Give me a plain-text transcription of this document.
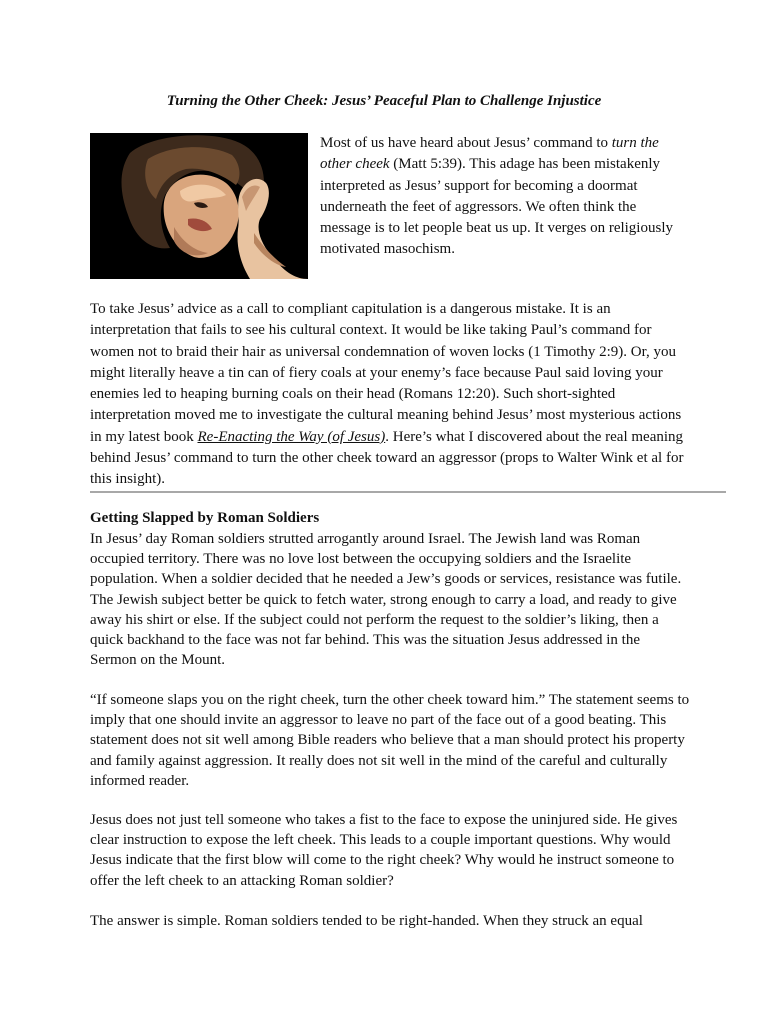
Turning the Other Cheek: Jesus’ Peaceful Plan to Challenge Injustice
Most of us have heard about Jesus’ command to turn the other cheek (Matt 5:39). This adage has been mistakenly interpreted as Jesus’ support for becoming a doormat underneath the feet of aggressors. We often think the message is to let people beat us up. It verges on religiously motivated masochism.
To take Jesus’ advice as a call to compliant capitulation is a dangerous mistake. It is an interpretation that fails to see his cultural context. It would be like taking Paul’s command for women not to braid their hair as universal condemnation of woven locks (1 Timothy 2:9). Or, you might literally heave a tin can of fiery coals at your enemy’s face because Paul said loving your enemies led to heaping burning coals on their head (Romans 12:20). Such short-sighted interpretation moved me to investigate the cultural meaning behind Jesus’ most mysterious actions in my latest book Re-Enacting the Way (of Jesus). Here’s what I discovered about the real meaning behind Jesus’ command to turn the other cheek toward an aggressor (props to Walter Wink et al for this insight).
Getting Slapped by Roman Soldiers
In Jesus’ day Roman soldiers strutted arrogantly around Israel. The Jewish land was Roman occupied territory. There was no love lost between the occupying soldiers and the Israelite population. When a soldier decided that he needed a Jew’s goods or services, resistance was futile. The Jewish subject better be quick to fetch water, strong enough to carry a load, and ready to give away his shirt or else. If the subject could not perform the request to the soldier’s liking, then a quick backhand to the face was not far behind. This was the situation Jesus addressed in the Sermon on the Mount.
“If someone slaps you on the right cheek, turn the other cheek toward him.” The statement seems to imply that one should invite an aggressor to leave no part of the face out of a good beating. This statement does not sit well among Bible readers who believe that a man should protect his property and family against aggression. It really does not sit well in the mind of the careful and culturally informed reader.
Jesus does not just tell someone who takes a fist to the face to expose the uninjured side. He gives clear instruction to expose the left cheek. This leads to a couple important questions. Why would Jesus indicate that the first blow will come to the right cheek? Why would he instruct someone to offer the left cheek to an attacking Roman soldier?
The answer is simple. Roman soldiers tended to be right-handed. When they struck an equal
